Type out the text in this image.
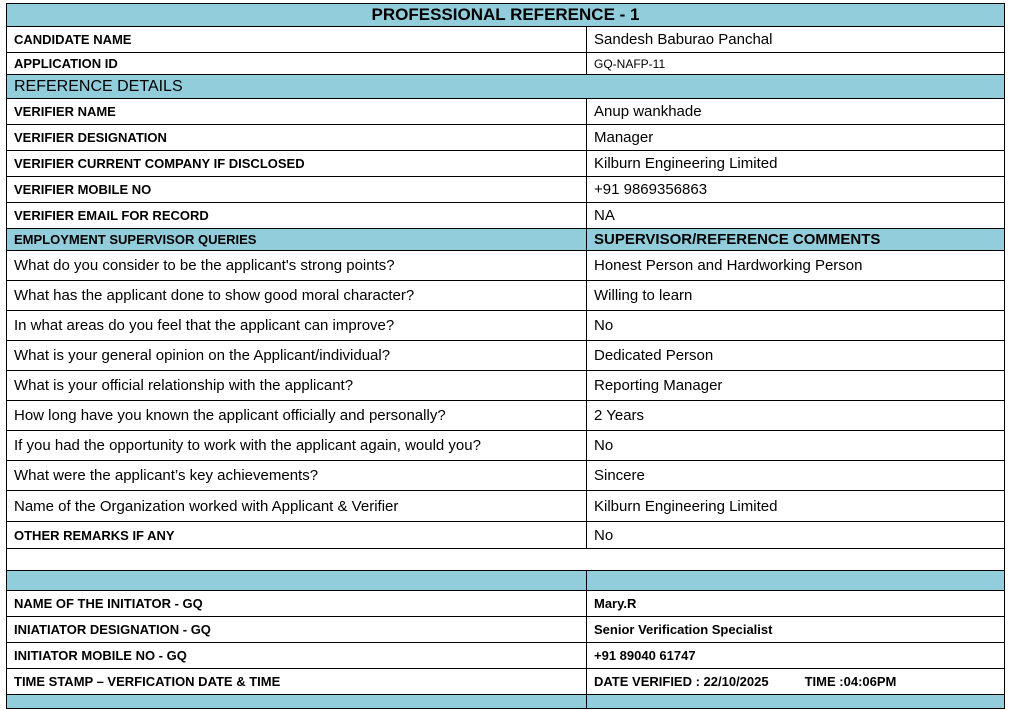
PROFESSIONAL REFERENCE - 1	
CANDIDATE NAME	Sandesh Baburao Panchal
APPLICATION ID	GQ-NAFP-11
REFERENCE DETAILS	
VERIFIER NAME	Anup wankhade
VERIFIER DESIGNATION	Manager
VERIFIER CURRENT COMPANY IF DISCLOSED	Kilburn Engineering Limited
VERIFIER MOBILE NO	+91 9869356863
VERIFIER EMAIL FOR RECORD	NA
EMPLOYMENT SUPERVISOR QUERIES	SUPERVISOR/REFERENCE COMMENTS
What do you consider to be the applicant's strong points?	Honest Person and Hardworking Person
What has the applicant done to show good moral character?	Willing to learn
In what areas do you feel that the applicant can improve?	No
What is your general opinion on the Applicant/individual?	Dedicated Person
What is your official relationship with the applicant?	Reporting Manager
How long have you known the applicant officially and personally?	2 Years
If you had the opportunity to work with the applicant again, would you?	No
What were the applicant’s key achievements?	Sincere
Name of the Organization worked with Applicant & Verifier	Kilburn Engineering Limited
OTHER REMARKS IF ANY	No

NAME OF THE INITIATOR - GQ	Mary.R
INIATIATOR DESIGNATION - GQ	Senior Verification Specialist
INITIATOR MOBILE NO - GQ	+91 89040 61747
TIME STAMP – VERFICATION DATE & TIME	DATE VERIFIED : 22/10/2025 TIME :04:06PM
